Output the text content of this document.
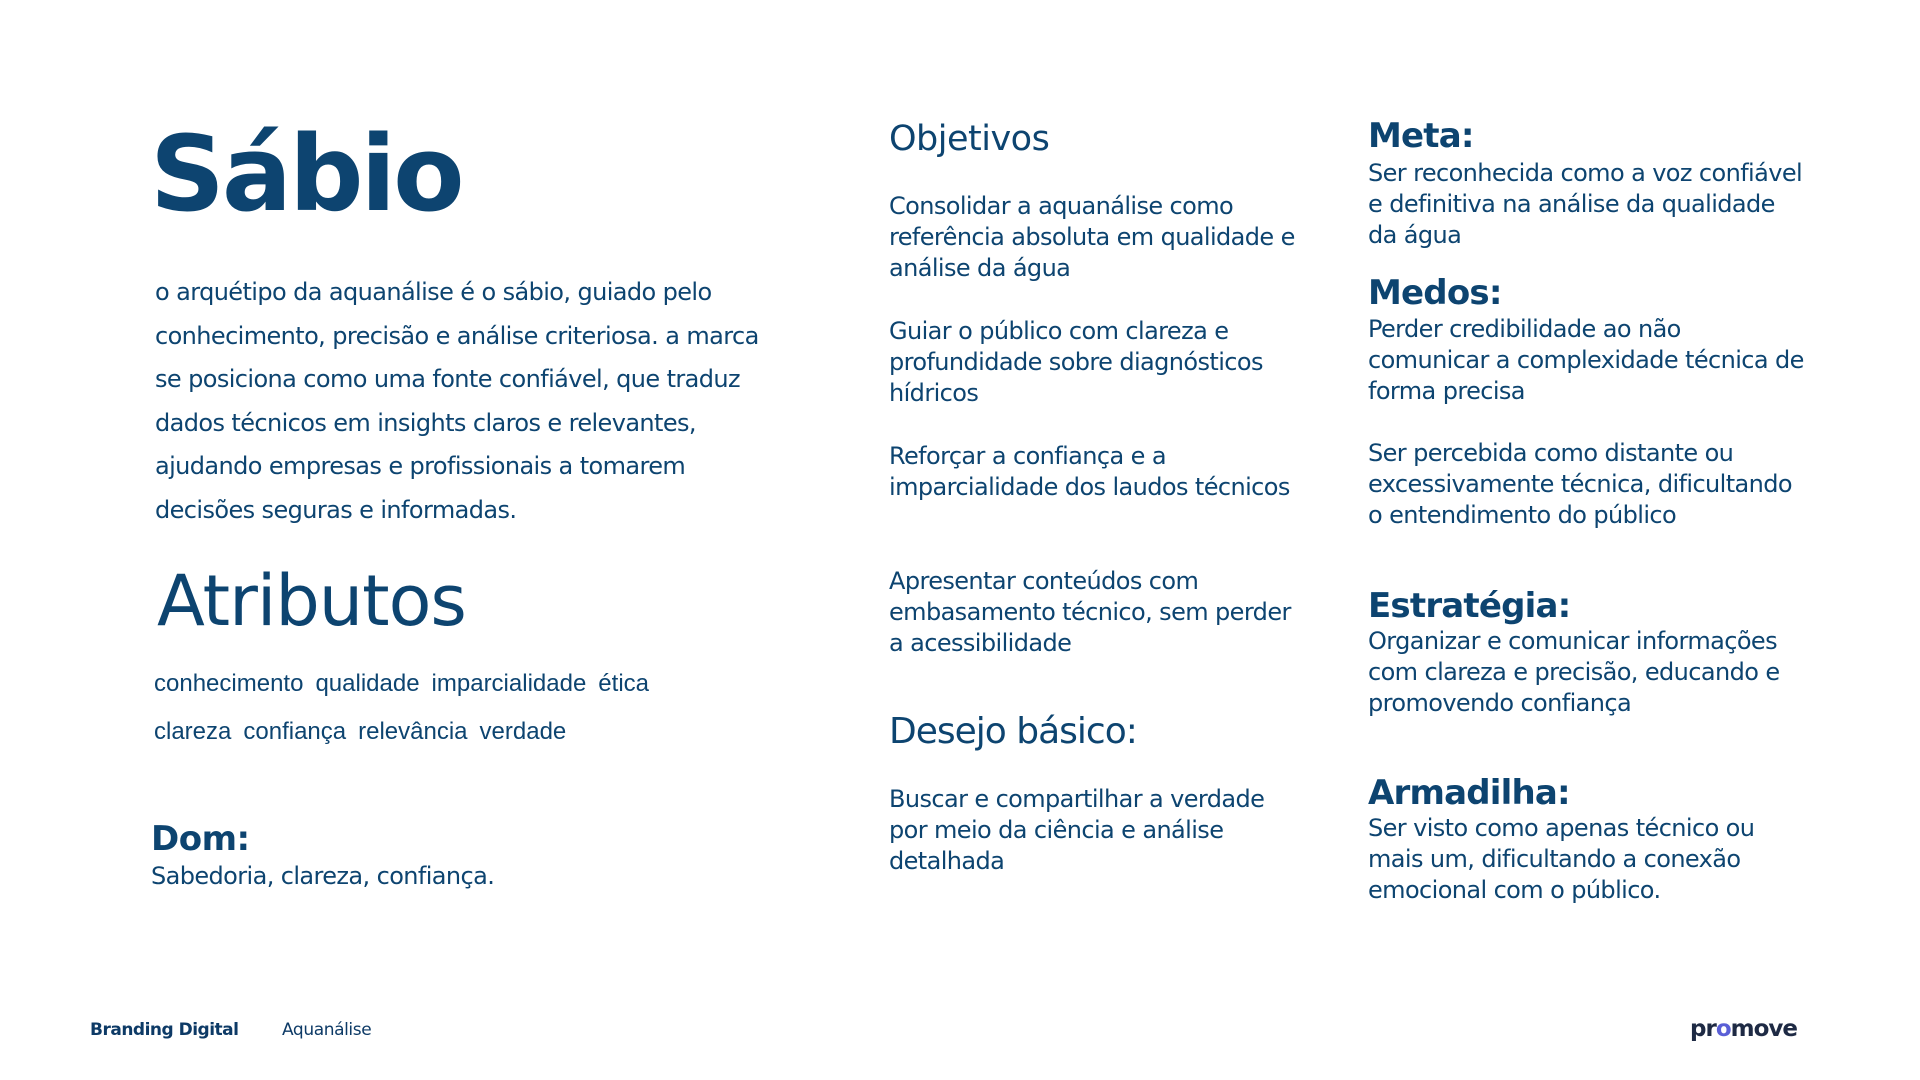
Sábio
o arquétipo da aquanálise é o sábio, guiado pelo conhecimento, precisão e análise criteriosa. a marca se posiciona como uma fonte confiável, que traduz dados técnicos em insights claros e relevantes, ajudando empresas e profissionais a tomarem decisões seguras e informadas.
Atributos
conhecimento qualidade imparcialidade ética
clareza confiança relevância verdade
Dom:
Sabedoria, clareza, confiança.
Objetivos
Consolidar a aquanálise como referência absoluta em qualidade e análise da água
Guiar o público com clareza e profundidade sobre diagnósticos hídricos
Reforçar a confiança e a imparcialidade dos laudos técnicos
Apresentar conteúdos com embasamento técnico, sem perder a acessibilidade
Desejo básico:
Buscar e compartilhar a verdade por meio da ciência e análise detalhada
Meta:
Ser reconhecida como a voz confiável e definitiva na análise da qualidade da água
Medos:
Perder credibilidade ao não comunicar a complexidade técnica de forma precisa
Ser percebida como distante ou excessivamente técnica, dificultando o entendimento do público
Estratégia:
Organizar e comunicar informações com clareza e precisão, educando e promovendo confiança
Armadilha:
Ser visto como apenas técnico ou mais um, dificultando a conexão emocional com o público.
Branding Digital	Aquanálise	promove
